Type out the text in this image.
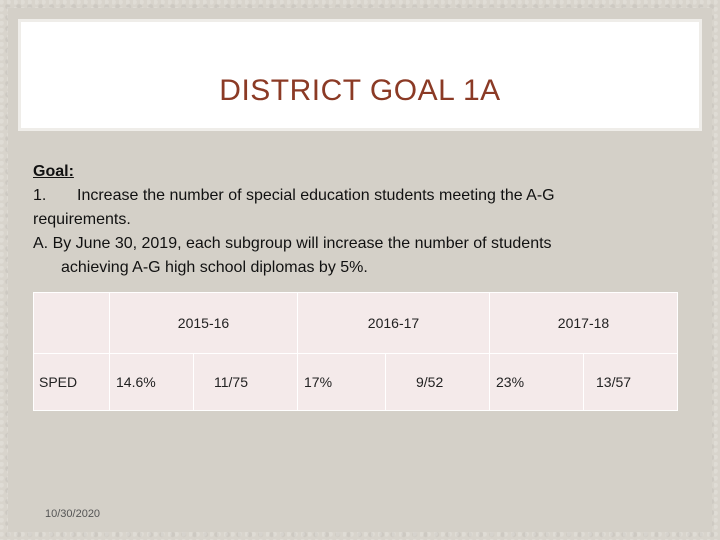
DISTRICT GOAL 1A
Goal:
1. Increase the number of special education students meeting the A-G
requirements.
A. By June 30, 2019, each subgroup will increase the number of students
achieving A-G high school diplomas by 5%.
	2015-16		2016-17		2017-18	
SPED	14.6%	11/75	17%	9/52	23%	13/57
10/30/2020
